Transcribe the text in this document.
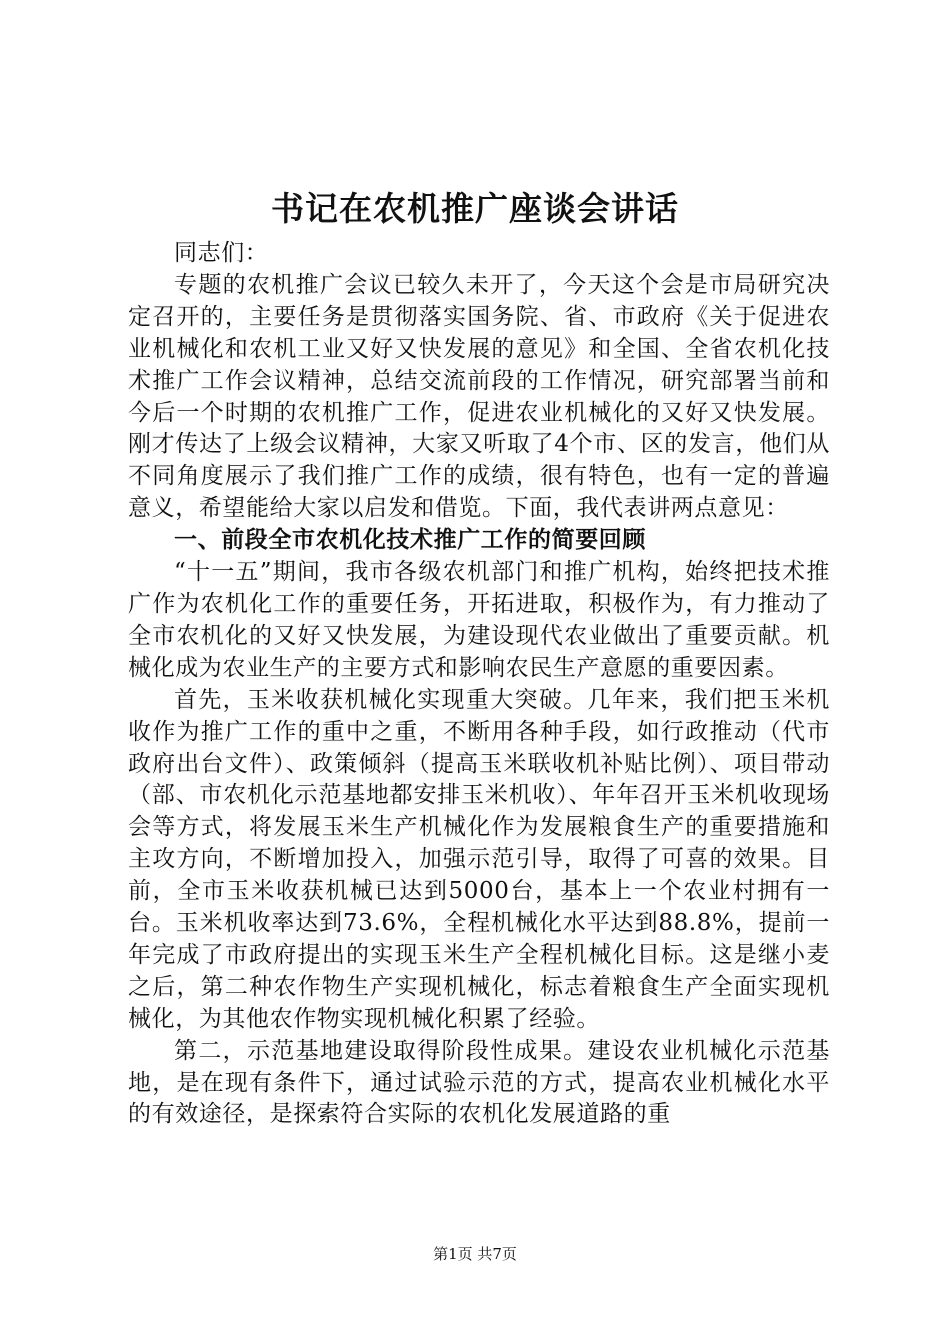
书记在农机推广座谈会讲话

同志们：

专题的农机推广会议已较久未开了，今天这个会是市局研究决定召开的，主要任务是贯彻落实国务院、省、市政府《关于促进农业机械化和农机工业又好又快发展的意见》和全国、全省农机化技术推广工作会议精神，总结交流前段的工作情况，研究部署当前和今后一个时期的农机推广工作，促进农业机械化的又好又快发展。刚才传达了上级会议精神，大家又听取了4个市、区的发言，他们从不同角度展示了我们推广工作的成绩，很有特色，也有一定的普遍意义，希望能给大家以启发和借览。下面，我代表讲两点意见：

一、前段全市农机化技术推广工作的简要回顾

“十一五”期间，我市各级农机部门和推广机构，始终把技术推广作为农机化工作的重要任务，开拓进取，积极作为，有力推动了全市农机化的又好又快发展，为建设现代农业做出了重要贡献。机械化成为农业生产的主要方式和影响农民生产意愿的重要因素。

首先，玉米收获机械化实现重大突破。几年来，我们把玉米机收作为推广工作的重中之重，不断用各种手段，如行政推动（代市政府出台文件）、政策倾斜（提高玉米联收机补贴比例）、项目带动（部、市农机化示范基地都安排玉米机收）、年年召开玉米机收现场会等方式，将发展玉米生产机械化作为发展粮食生产的重要措施和主攻方向，不断增加投入，加强示范引导，取得了可喜的效果。目前，全市玉米收获机械已达到5000台，基本上一个农业村拥有一台。玉米机收率达到73.6%，全程机械化水平达到88.8%，提前一年完成了市政府提出的实现玉米生产全程机械化目标。这是继小麦之后，第二种农作物生产实现机械化，标志着粮食生产全面实现机械化，为其他农作物实现机械化积累了经验。

第二，示范基地建设取得阶段性成果。建设农业机械化示范基地，是在现有条件下，通过试验示范的方式，提高农业机械化水平的有效途径，是探索符合实际的农机化发展道路的重

第1页 共7页
